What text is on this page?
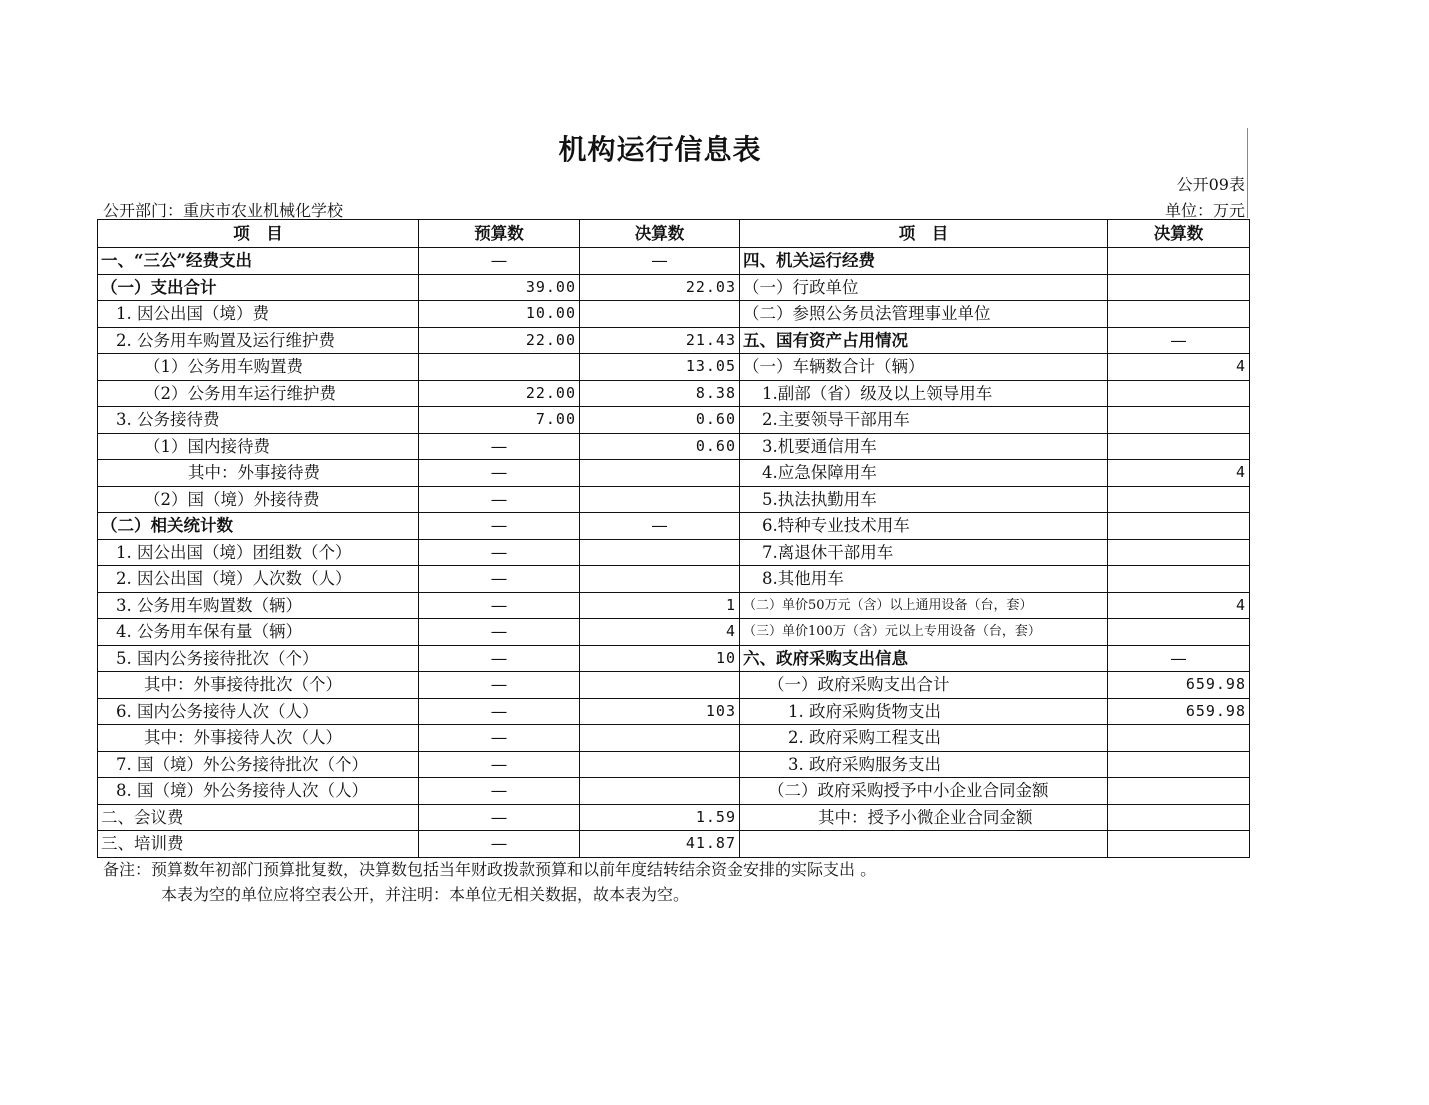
机构运行信息表
公开09表
公开部门：重庆市农业机械化学校	单位：万元
项　目	预算数	决算数	项　目	决算数
一、“三公”经费支出	—	—	四、机关运行经费	
（一）支出合计	39.00	22.03	（一）行政单位	
1. 因公出国（境）费	10.00		（二）参照公务员法管理事业单位	
2. 公务用车购置及运行维护费	22.00	21.43	五、国有资产占用情况	—
（1）公务用车购置费		13.05	（一）车辆数合计（辆）	4
（2）公务用车运行维护费	22.00	8.38	1.副部（省）级及以上领导用车	
3. 公务接待费	7.00	0.60	2.主要领导干部用车	
（1）国内接待费	—	0.60	3.机要通信用车	
其中：外事接待费	—		4.应急保障用车	4
（2）国（境）外接待费	—		5.执法执勤用车	
（二）相关统计数	—	—	6.特种专业技术用车	
1. 因公出国（境）团组数（个）	—		7.离退休干部用车	
2. 因公出国（境）人次数（人）	—		8.其他用车	
3. 公务用车购置数（辆）	—	1	（二）单价50万元（含）以上通用设备（台，套）	4
4. 公务用车保有量（辆）	—	4	（三）单价100万（含）元以上专用设备（台，套）	
5. 国内公务接待批次（个）	—	10	六、政府采购支出信息	—
其中：外事接待批次（个）	—		（一）政府采购支出合计	659.98
6. 国内公务接待人次（人）	—	103	1. 政府采购货物支出	659.98
其中：外事接待人次（人）	—		2. 政府采购工程支出	
7. 国（境）外公务接待批次（个）	—		3. 政府采购服务支出	
8. 国（境）外公务接待人次（人）	—		（二）政府采购授予中小企业合同金额	
二、会议费	—	1.59	其中：授予小微企业合同金额	
三、培训费	—	41.87		
备注：预算数年初部门预算批复数，决算数包括当年财政拨款预算和以前年度结转结余资金安排的实际支出 。
本表为空的单位应将空表公开，并注明：本单位无相关数据，故本表为空。
